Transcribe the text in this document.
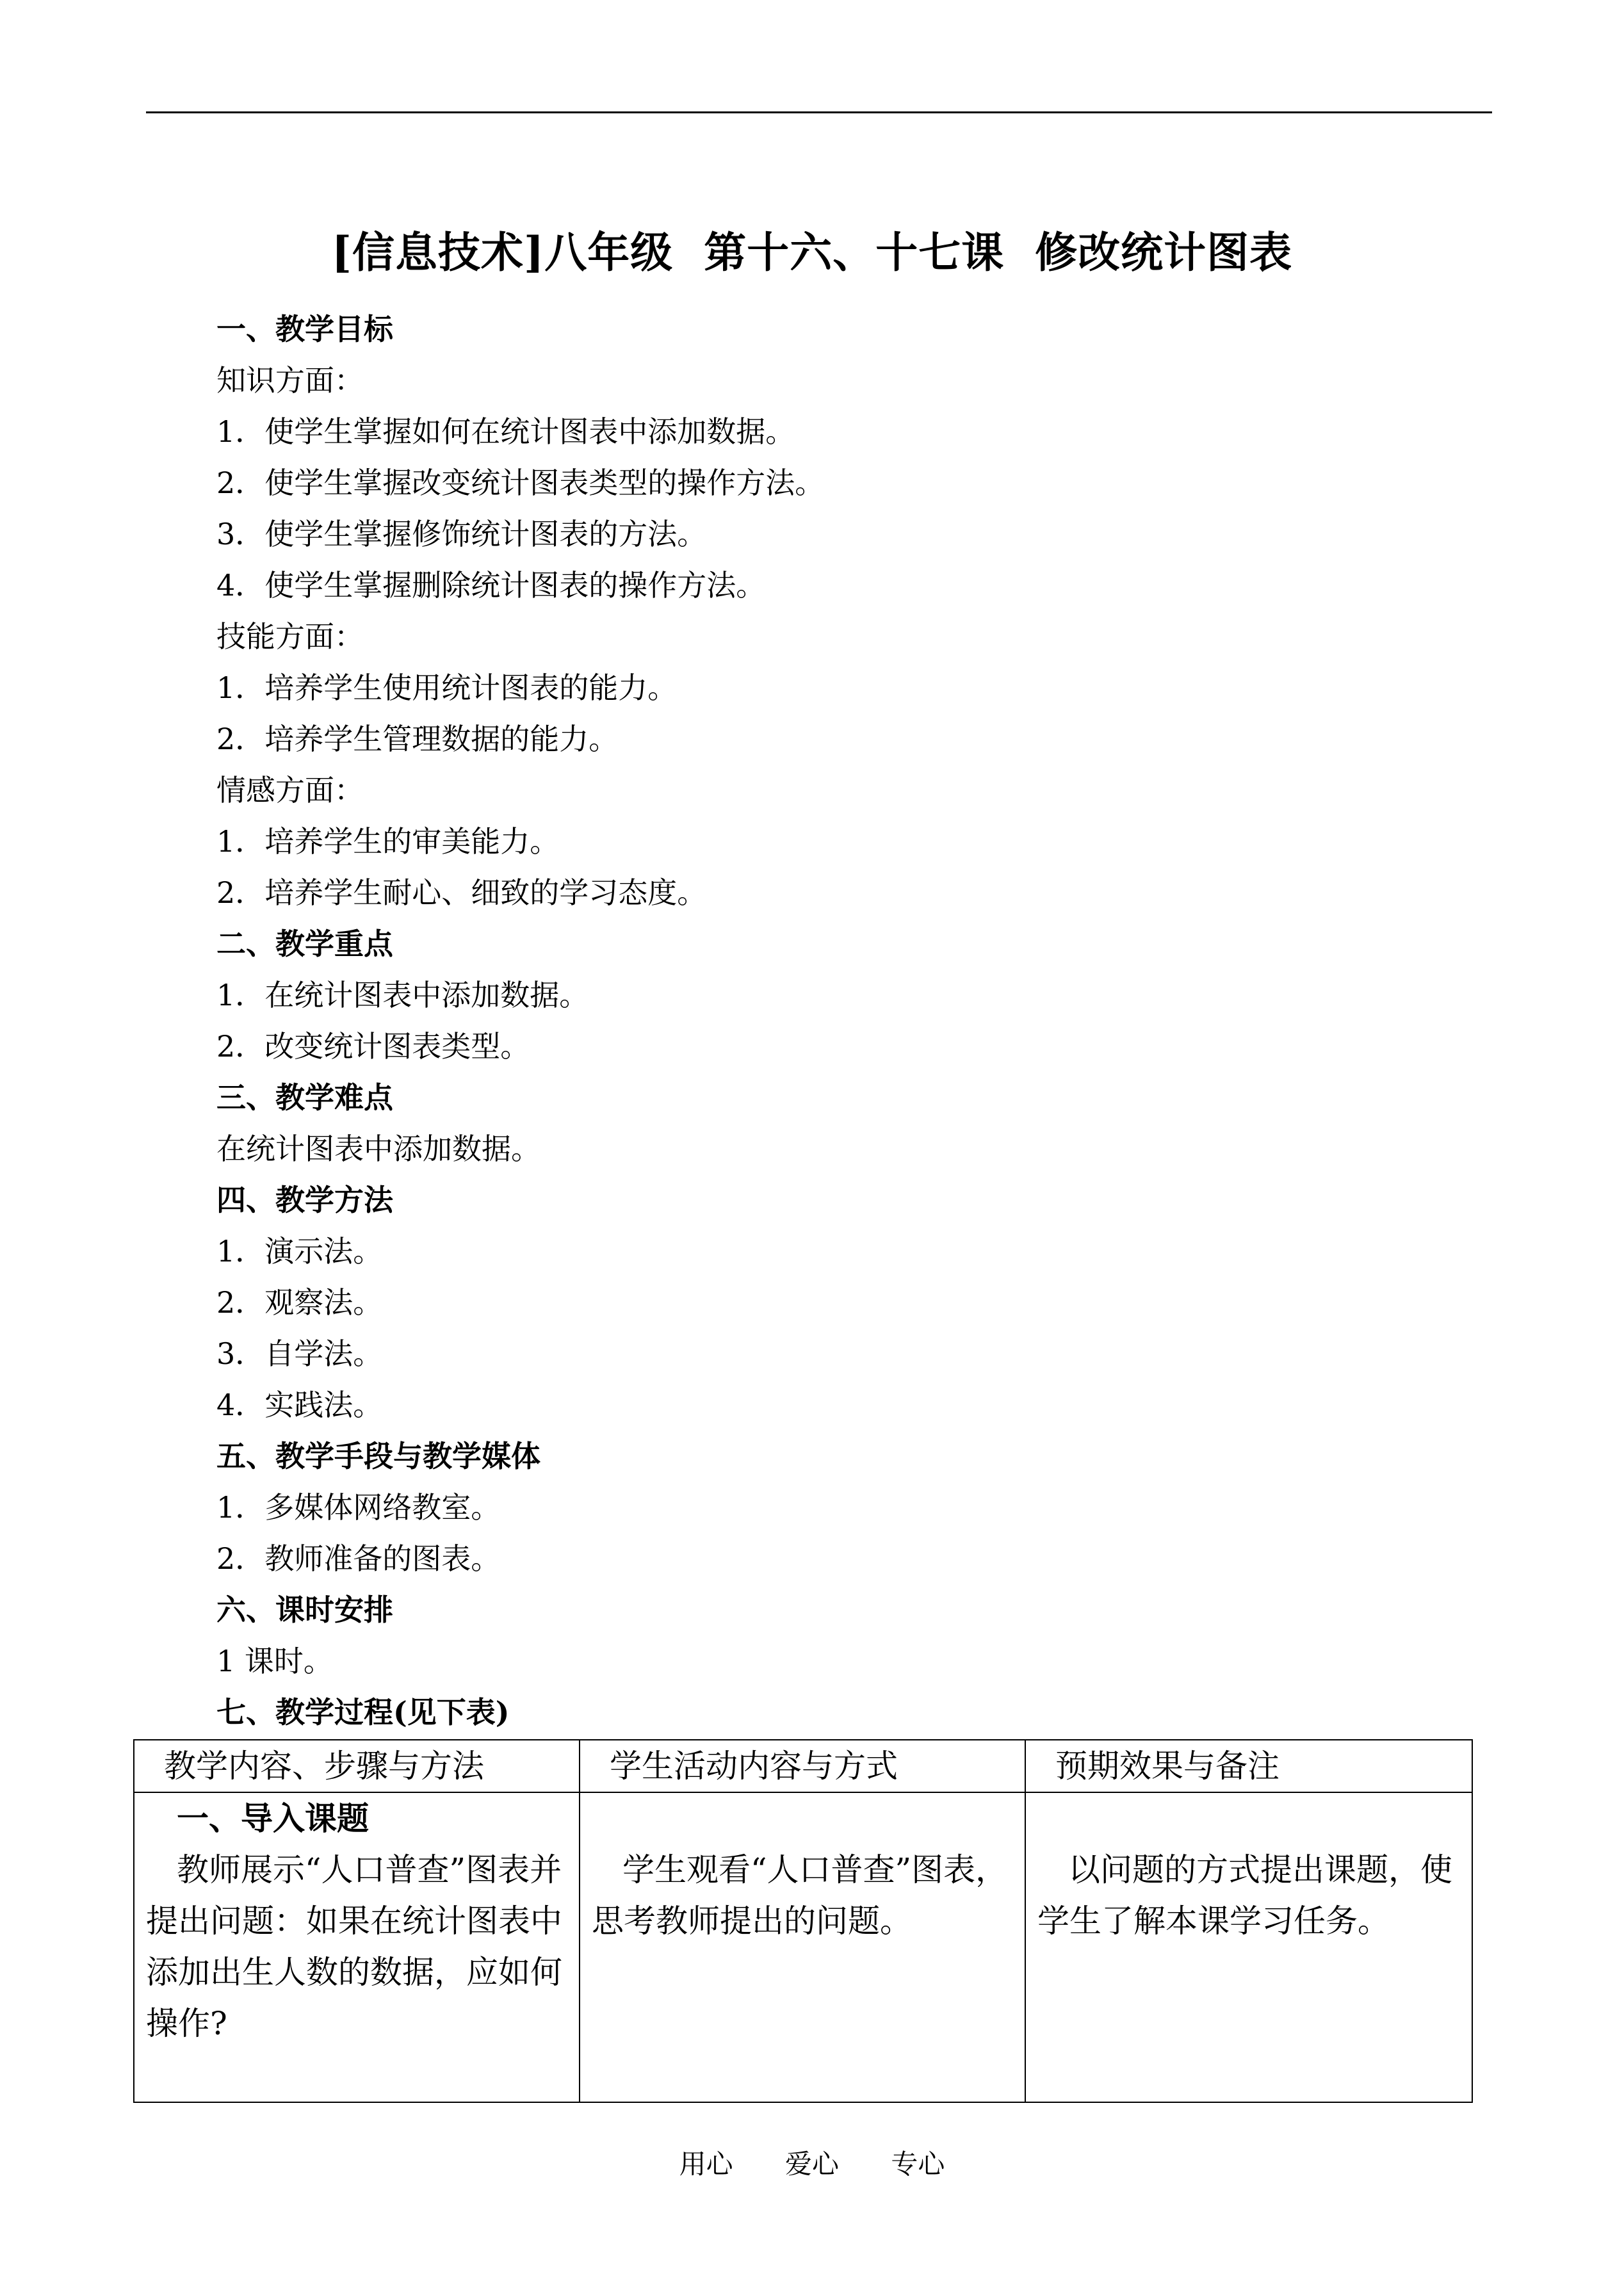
[信息技术]八年级  第十六、十七课  修改统计图表
一、教学目标
知识方面：
1．使学生掌握如何在统计图表中添加数据。
2．使学生掌握改变统计图表类型的操作方法。
3．使学生掌握修饰统计图表的方法。
4．使学生掌握删除统计图表的操作方法。
技能方面：
1．培养学生使用统计图表的能力。
2．培养学生管理数据的能力。
情感方面：
1．培养学生的审美能力。
2．培养学生耐心、细致的学习态度。
二、教学重点
1．在统计图表中添加数据。
2．改变统计图表类型。
三、教学难点
在统计图表中添加数据。
四、教学方法
1．演示法。
2．观察法。
3．自学法。
4．实践法。
五、教学手段与教学媒体
1．多媒体网络教室。
2．教师准备的图表。
六、课时安排
1 课时。
七、教学过程(见下表)
教学内容、步骤与方法	学生活动内容与方式	预期效果与备注

一、导入课题
教师展示“人口普查”图表并提出问题：如果在统计图表中添加出生人数的数据，应如何操作?	学生观看“人口普查”图表，思考教师提出的问题。	以问题的方式提出课题，使学生了解本课学习任务。
用心 爱心 专心
